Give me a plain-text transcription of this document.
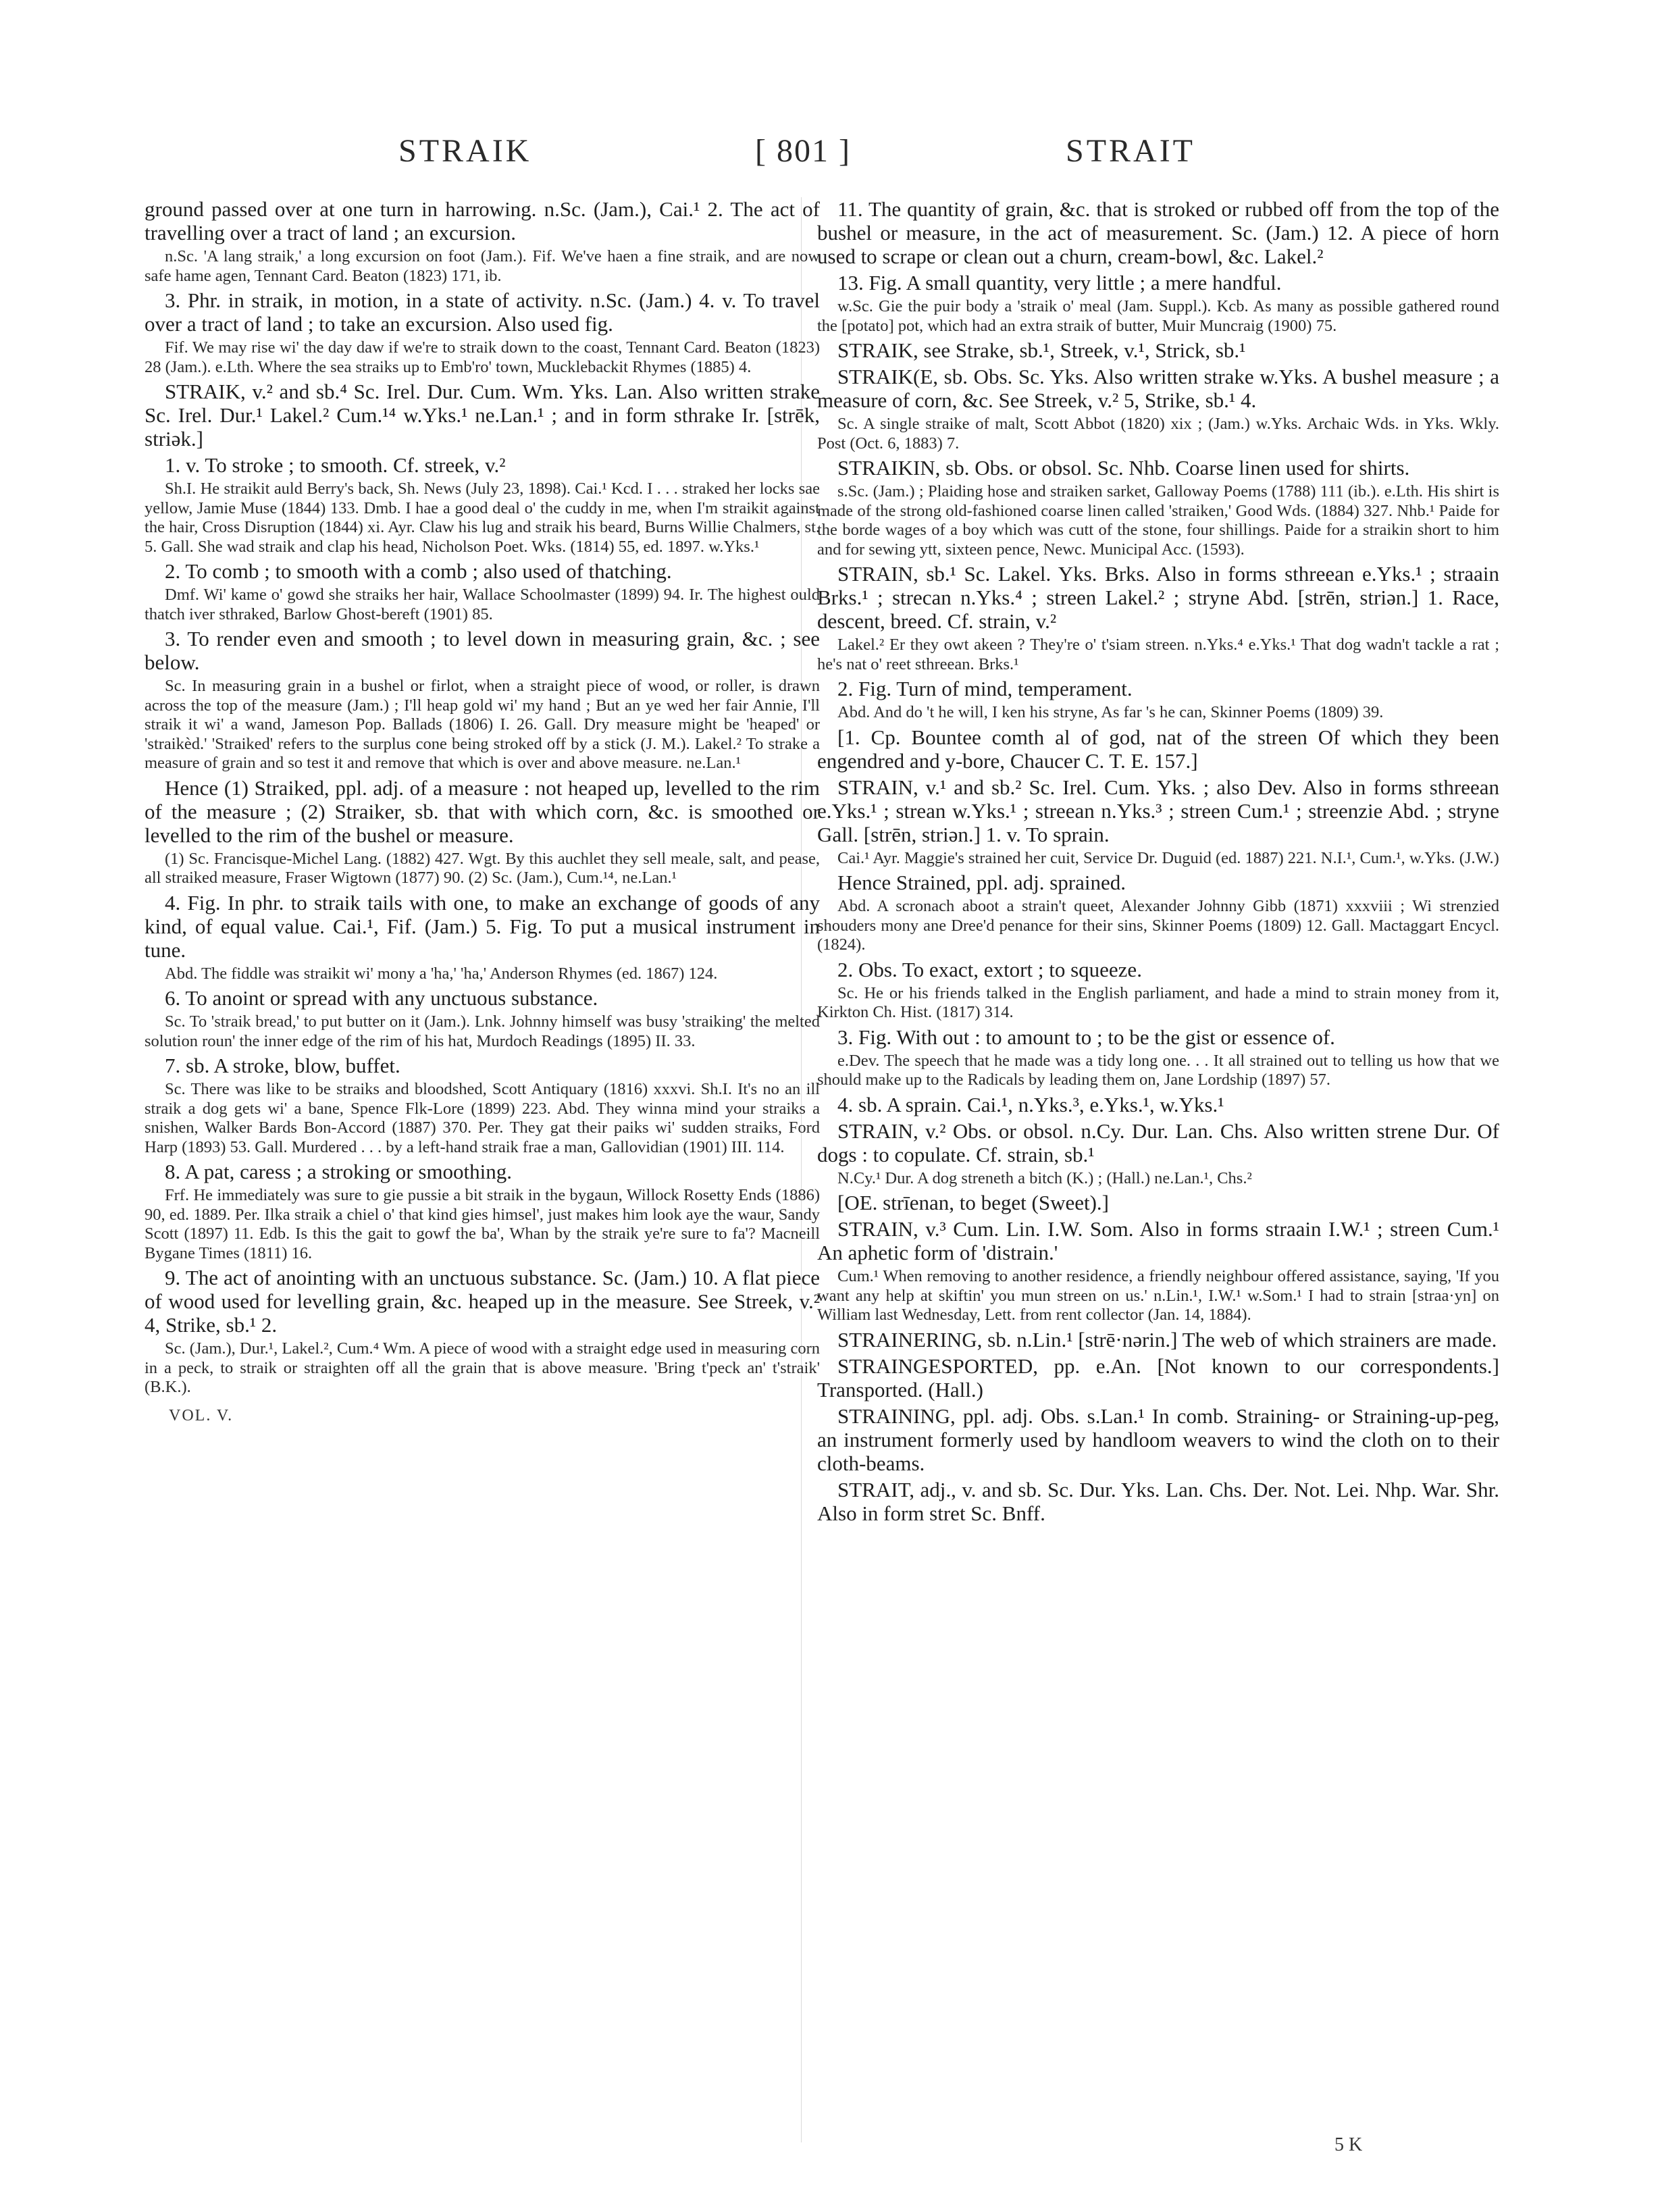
STRAIK	[ 801 ]	STRAIT

ground passed over at one turn in harrowing. n.Sc. (Jam.), Cai.¹ 2. The act of travelling over a tract of land ; an excursion.

n.Sc. 'A lang straik,' a long excursion on foot (Jam.). Fif. We've haen a fine straik, and are now safe hame agen, Tennant Card. Beaton (1823) 171, ib.

3. Phr. in straik, in motion, in a state of activity. n.Sc. (Jam.) 4. v. To travel over a tract of land ; to take an excursion. Also used fig.

Fif. We may rise wi' the day daw if we're to straik down to the coast, Tennant Card. Beaton (1823) 28 (Jam.). e.Lth. Where the sea straiks up to Emb'ro' town, Mucklebackit Rhymes (1885) 4.

STRAIK, v.² and sb.⁴ Sc. Irel. Dur. Cum. Wm. Yks. Lan. Also written strake Sc. Irel. Dur.¹ Lakel.² Cum.¹⁴ w.Yks.¹ ne.Lan.¹ ; and in form sthrake Ir. [strēk, striək.]

1. v. To stroke ; to smooth. Cf. streek, v.²

Sh.I. He straikit auld Berry's back, Sh. News (July 23, 1898). Cai.¹ Kcd. I . . . straked her locks sae yellow, Jamie Muse (1844) 133. Dmb. I hae a good deal o' the cuddy in me, when I'm straikit against the hair, Cross Disruption (1844) xi. Ayr. Claw his lug and straik his beard, Burns Willie Chalmers, st. 5. Gall. She wad straik and clap his head, Nicholson Poet. Wks. (1814) 55, ed. 1897. w.Yks.¹

2. To comb ; to smooth with a comb ; also used of thatching.

Dmf. Wi' kame o' gowd she straiks her hair, Wallace Schoolmaster (1899) 94. Ir. The highest ould thatch iver sthraked, Barlow Ghost-bereft (1901) 85.

3. To render even and smooth ; to level down in measuring grain, &c. ; see below.

Sc. In measuring grain in a bushel or firlot, when a straight piece of wood, or roller, is drawn across the top of the measure (Jam.) ; I'll heap gold wi' my hand ; But an ye wed her fair Annie, I'll straik it wi' a wand, Jameson Pop. Ballads (1806) I. 26. Gall. Dry measure might be 'heaped' or 'straikèd.' 'Straiked' refers to the surplus cone being stroked off by a stick (J. M.). Lakel.² To strake a measure of grain and so test it and remove that which is over and above measure. ne.Lan.¹

Hence (1) Straiked, ppl. adj. of a measure : not heaped up, levelled to the rim of the measure ; (2) Straiker, sb. that with which corn, &c. is smoothed or levelled to the rim of the bushel or measure.

(1) Sc. Francisque-Michel Lang. (1882) 427. Wgt. By this auchlet they sell meale, salt, and pease, all straiked measure, Fraser Wigtown (1877) 90. (2) Sc. (Jam.), Cum.¹⁴, ne.Lan.¹

4. Fig. In phr. to straik tails with one, to make an exchange of goods of any kind, of equal value. Cai.¹, Fif. (Jam.) 5. Fig. To put a musical instrument in tune.

Abd. The fiddle was straikit wi' mony a 'ha,' 'ha,' Anderson Rhymes (ed. 1867) 124.

6. To anoint or spread with any unctuous substance.

Sc. To 'straik bread,' to put butter on it (Jam.). Lnk. Johnny himself was busy 'straiking' the melted solution roun' the inner edge of the rim of his hat, Murdoch Readings (1895) II. 33.

7. sb. A stroke, blow, buffet.

Sc. There was like to be straiks and bloodshed, Scott Antiquary (1816) xxxvi. Sh.I. It's no an ill straik a dog gets wi' a bane, Spence Flk-Lore (1899) 223. Abd. They winna mind your straiks a snishen, Walker Bards Bon-Accord (1887) 370. Per. They gat their paiks wi' sudden straiks, Ford Harp (1893) 53. Gall. Murdered . . . by a left-hand straik frae a man, Gallovidian (1901) III. 114.

8. A pat, caress ; a stroking or smoothing.

Frf. He immediately was sure to gie pussie a bit straik in the bygaun, Willock Rosetty Ends (1886) 90, ed. 1889. Per. Ilka straik a chiel o' that kind gies himsel', just makes him look aye the waur, Sandy Scott (1897) 11. Edb. Is this the gait to gowf the ba', Whan by the straik ye're sure to fa'? Macneill Bygane Times (1811) 16.

9. The act of anointing with an unctuous substance. Sc. (Jam.) 10. A flat piece of wood used for levelling grain, &c. heaped up in the measure. See Streek, v.² 4, Strike, sb.¹ 2.

Sc. (Jam.), Dur.¹, Lakel.², Cum.⁴ Wm. A piece of wood with a straight edge used in measuring corn in a peck, to straik or straighten off all the grain that is above measure. 'Bring t'peck an' t'straik' (B.K.).

VOL. V.

11. The quantity of grain, &c. that is stroked or rubbed off from the top of the bushel or measure, in the act of measurement. Sc. (Jam.) 12. A piece of horn used to scrape or clean out a churn, cream-bowl, &c. Lakel.²

13. Fig. A small quantity, very little ; a mere handful.

w.Sc. Gie the puir body a 'straik o' meal (Jam. Suppl.). Kcb. As many as possible gathered round the [potato] pot, which had an extra straik of butter, Muir Muncraig (1900) 75.

STRAIK, see Strake, sb.¹, Streek, v.¹, Strick, sb.¹

STRAIK(E, sb. Obs. Sc. Yks. Also written strake w.Yks. A bushel measure ; a measure of corn, &c. See Streek, v.² 5, Strike, sb.¹ 4.

Sc. A single straike of malt, Scott Abbot (1820) xix ; (Jam.) w.Yks. Archaic Wds. in Yks. Wkly. Post (Oct. 6, 1883) 7.

STRAIKIN, sb. Obs. or obsol. Sc. Nhb. Coarse linen used for shirts.

s.Sc. (Jam.) ; Plaiding hose and straiken sarket, Galloway Poems (1788) 111 (ib.). e.Lth. His shirt is made of the strong old-fashioned coarse linen called 'straiken,' Good Wds. (1884) 327. Nhb.¹ Paide for the borde wages of a boy which was cutt of the stone, four shillings. Paide for a straikin short to him and for sewing ytt, sixteen pence, Newc. Municipal Acc. (1593).

STRAIN, sb.¹ Sc. Lakel. Yks. Brks. Also in forms sthreean e.Yks.¹ ; straain Brks.¹ ; strecan n.Yks.⁴ ; streen Lakel.² ; stryne Abd. [strēn, striən.] 1. Race, descent, breed. Cf. strain, v.²

Lakel.² Er they owt akeen ? They're o' t'siam streen. n.Yks.⁴ e.Yks.¹ That dog wadn't tackle a rat ; he's nat o' reet sthreean. Brks.¹

2. Fig. Turn of mind, temperament.

Abd. And do 't he will, I ken his stryne, As far 's he can, Skinner Poems (1809) 39.

[1. Cp. Bountee comth al of god, nat of the streen Of which they been engendred and y-bore, Chaucer C. T. E. 157.]

STRAIN, v.¹ and sb.² Sc. Irel. Cum. Yks. ; also Dev. Also in forms sthreean e.Yks.¹ ; strean w.Yks.¹ ; streean n.Yks.³ ; streen Cum.¹ ; streenzie Abd. ; stryne Gall. [strēn, striən.] 1. v. To sprain.

Cai.¹ Ayr. Maggie's strained her cuit, Service Dr. Duguid (ed. 1887) 221. N.I.¹, Cum.¹, w.Yks. (J.W.)

Hence Strained, ppl. adj. sprained.

Abd. A scronach aboot a strain't queet, Alexander Johnny Gibb (1871) xxxviii ; Wi strenzied shouders mony ane Dree'd penance for their sins, Skinner Poems (1809) 12. Gall. Mactaggart Encycl. (1824).

2. Obs. To exact, extort ; to squeeze.

Sc. He or his friends talked in the English parliament, and hade a mind to strain money from it, Kirkton Ch. Hist. (1817) 314.

3. Fig. With out : to amount to ; to be the gist or essence of.

e.Dev. The speech that he made was a tidy long one. . . It all strained out to telling us how that we should make up to the Radicals by leading them on, Jane Lordship (1897) 57.

4. sb. A sprain. Cai.¹, n.Yks.³, e.Yks.¹, w.Yks.¹

STRAIN, v.² Obs. or obsol. n.Cy. Dur. Lan. Chs. Also written strene Dur. Of dogs : to copulate. Cf. strain, sb.¹

N.Cy.¹ Dur. A dog streneth a bitch (K.) ; (Hall.) ne.Lan.¹, Chs.²

[OE. strīenan, to beget (Sweet).]

STRAIN, v.³ Cum. Lin. I.W. Som. Also in forms straain I.W.¹ ; streen Cum.¹ An aphetic form of 'distrain.'

Cum.¹ When removing to another residence, a friendly neighbour offered assistance, saying, 'If you want any help at skiftin' you mun streen on us.' n.Lin.¹, I.W.¹ w.Som.¹ I had to strain [straa·yn] on William last Wednesday, Lett. from rent collector (Jan. 14, 1884).

STRAINERING, sb. n.Lin.¹ [strē·nərin.] The web of which strainers are made.

STRAINGESPORTED, pp. e.An. [Not known to our correspondents.] Transported. (Hall.)

STRAINING, ppl. adj. Obs. s.Lan.¹ In comb. Straining- or Straining-up-peg, an instrument formerly used by handloom weavers to wind the cloth on to their cloth-beams.

STRAIT, adj., v. and sb. Sc. Dur. Yks. Lan. Chs. Der. Not. Lei. Nhp. War. Shr. Also in form stret Sc. Bnff.

5 K
